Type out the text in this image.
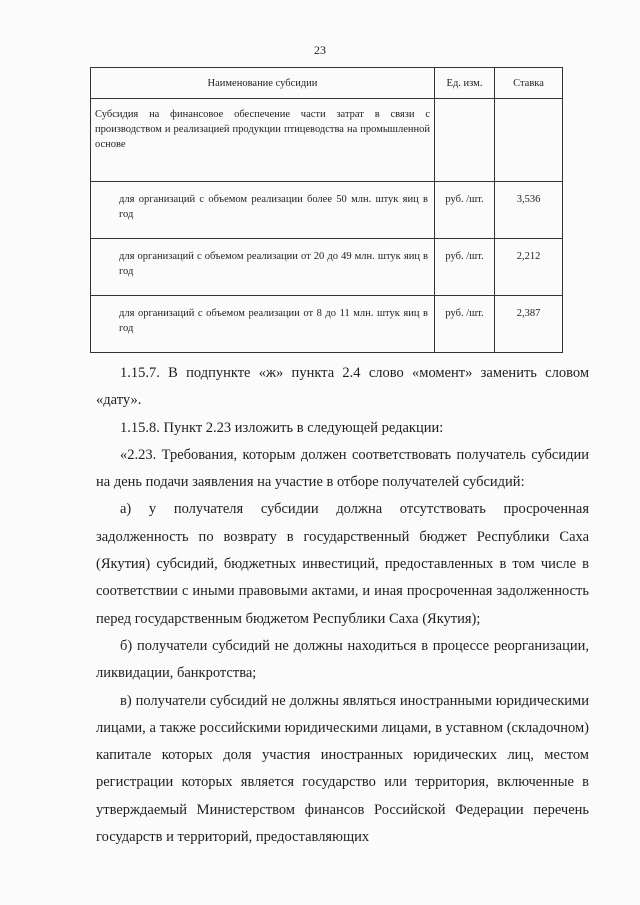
23
Наименование субсидии	Ед. изм.	Ставка
Субсидия на финансовое обеспечение части затрат в связи с производством и реализацией продукции птицеводства на промышленной основе		
для организаций с объемом реализации более 50 млн. штук яиц в год	руб. /шт.	3,536
для организаций с объемом реализации от 20 до 49 млн. штук яиц в год	руб. /шт.	2,212
для организаций с объемом реализации от 8 до 11 млн. штук яиц в год	руб. /шт.	2,387

1.15.7. В подпункте «ж» пункта 2.4 слово «момент» заменить словом «дату».

1.15.8. Пункт 2.23 изложить в следующей редакции:

«2.23. Требования, которым должен соответствовать получатель субсидии на день подачи заявления на участие в отборе получателей субсидий:

а) у получателя субсидии должна отсутствовать просроченная задолженность по возврату в государственный бюджет Республики Саха (Якутия) субсидий, бюджетных инвестиций, предоставленных в том числе в соответствии с иными правовыми актами, и иная просроченная задолженность перед государственным бюджетом Республики Саха (Якутия);

б) получатели субсидий не должны находиться в процессе реорганизации, ликвидации, банкротства;

в) получатели субсидий не должны являться иностранными юридическими лицами, а также российскими юридическими лицами, в уставном (складочном) капитале которых доля участия иностранных юридических лиц, местом регистрации которых является государство или территория, включенные в утверждаемый Министерством финансов Российской Федерации перечень государств и территорий, предоставляющих
